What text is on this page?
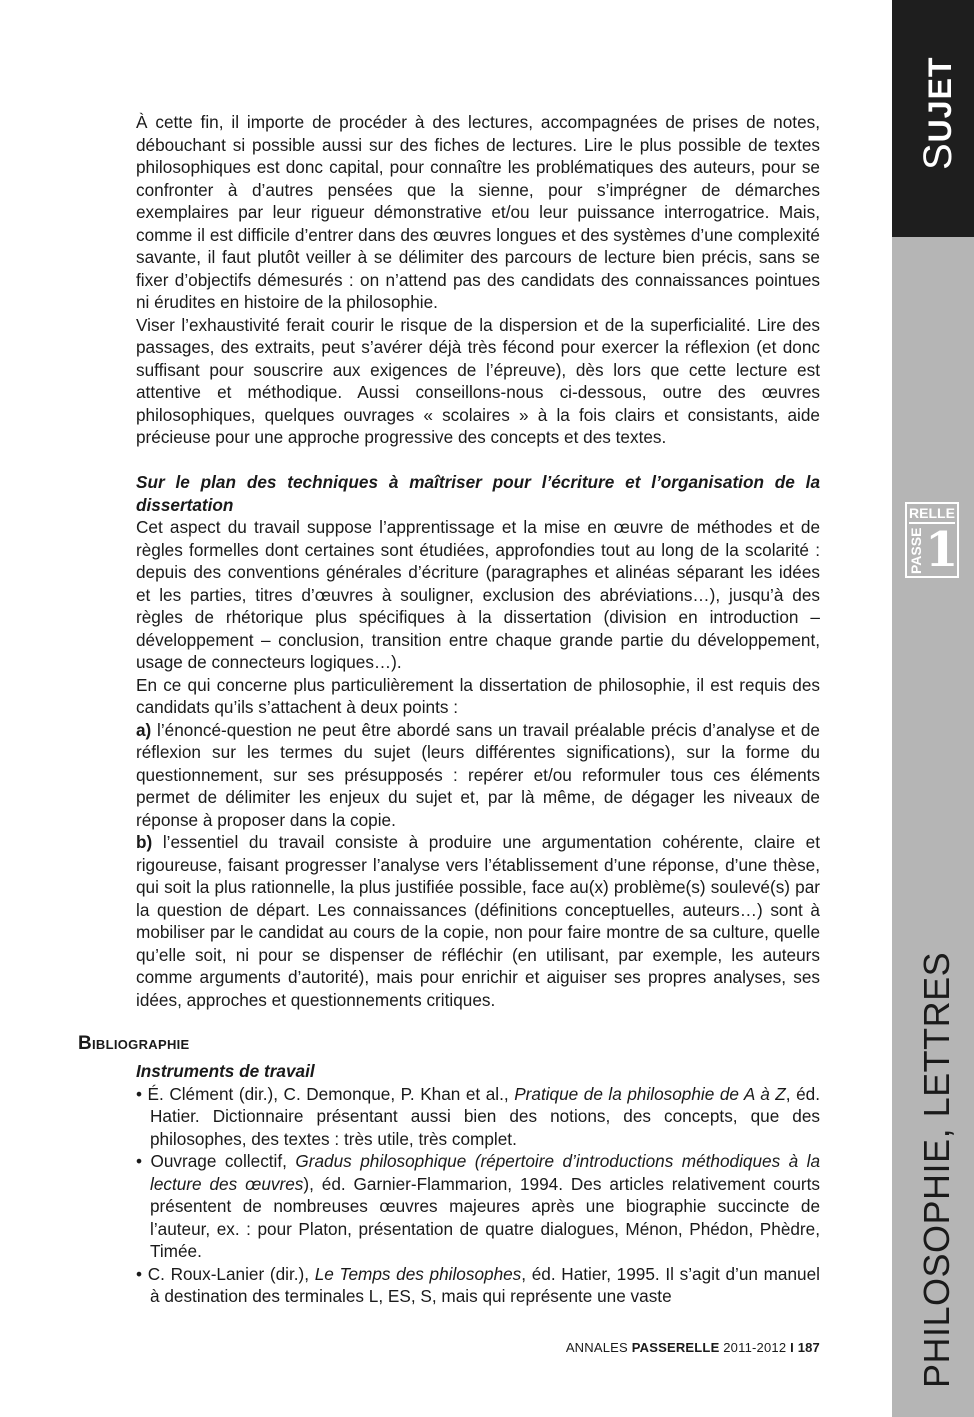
SUJET
RELLE
PASSE 1
PHILOSOPHIE, LETTRES

À cette fin, il importe de procéder à des lectures, accompagnées de prises de notes, débouchant si possible aussi sur des fiches de lectures. Lire le plus possible de textes philosophiques est donc capital, pour connaître les problématiques des auteurs, pour se confronter à d’autres pensées que la sienne, pour s’imprégner de démarches exemplaires par leur rigueur démonstrative et/ou leur puissance interrogatrice. Mais, comme il est difficile d’entrer dans des œuvres longues et des systèmes d’une complexité savante, il faut plutôt veiller à se délimiter des parcours de lecture bien précis, sans se fixer d’objectifs démesurés : on n’attend pas des candidats des connaissances pointues ni érudites en histoire de la philosophie.

Viser l’exhaustivité ferait courir le risque de la dispersion et de la superficialité. Lire des passages, des extraits, peut s’avérer déjà très fécond pour exercer la réflexion (et donc suffisant pour souscrire aux exigences de l’épreuve), dès lors que cette lecture est attentive et méthodique. Aussi conseillons-nous ci-dessous, outre des œuvres philosophiques, quelques ouvrages « scolaires » à la fois clairs et consistants, aide précieuse pour une approche progressive des concepts et des textes.

Sur le plan des techniques à maîtriser pour l’écriture et l’organisation de la dissertation

Cet aspect du travail suppose l’apprentissage et la mise en œuvre de méthodes et de règles formelles dont certaines sont étudiées, approfondies tout au long de la scolarité : depuis des conventions générales d’écriture (paragraphes et alinéas séparant les idées et les parties, titres d’œuvres à souligner, exclusion des abréviations…), jusqu’à des règles de rhétorique plus spécifiques à la dissertation (division en introduction – développement – conclusion, transition entre chaque grande partie du développement, usage de connecteurs logiques…).

En ce qui concerne plus particulièrement la dissertation de philosophie, il est requis des candidats qu’ils s’attachent à deux points :

a) l’énoncé-question ne peut être abordé sans un travail préalable précis d’analyse et de réflexion sur les termes du sujet (leurs différentes significations), sur la forme du questionnement, sur ses présupposés : repérer et/ou reformuler tous ces éléments permet de délimiter les enjeux du sujet et, par là même, de dégager les niveaux de réponse à proposer dans la copie.

b) l’essentiel du travail consiste à produire une argumentation cohérente, claire et rigoureuse, faisant progresser l’analyse vers l’établissement d’une réponse, d’une thèse, qui soit la plus rationnelle, la plus justifiée possible, face au(x) problème(s) soulevé(s) par la question de départ. Les connaissances (définitions conceptuelles, auteurs…) sont à mobiliser par le candidat au cours de la copie, non pour faire montre de sa culture, quelle qu’elle soit, ni pour se dispenser de réfléchir (en utilisant, par exemple, les auteurs comme arguments d’autorité), mais pour enrichir et aiguiser ses propres analyses, ses idées, approches et questionnements critiques.

Bibliographie

Instruments de travail

• É. Clément (dir.), C. Demonque, P. Khan et al., Pratique de la philosophie de A à Z, éd. Hatier. Dictionnaire présentant aussi bien des notions, des concepts, que des philosophes, des textes : très utile, très complet.

• Ouvrage collectif, Gradus philosophique (répertoire d’introductions méthodiques à la lecture des œuvres), éd. Garnier-Flammarion, 1994. Des articles relativement courts présentent de nombreuses œuvres majeures après une biographie succincte de l’auteur, ex. : pour Platon, présentation de quatre dialogues, Ménon, Phédon, Phèdre, Timée.

• C. Roux-Lanier (dir.), Le Temps des philosophes, éd. Hatier, 1995. Il s’agit d’un manuel à destination des terminales L, ES, S, mais qui représente une vaste

ANNALES PASSERELLE 2011-2012 I 187
